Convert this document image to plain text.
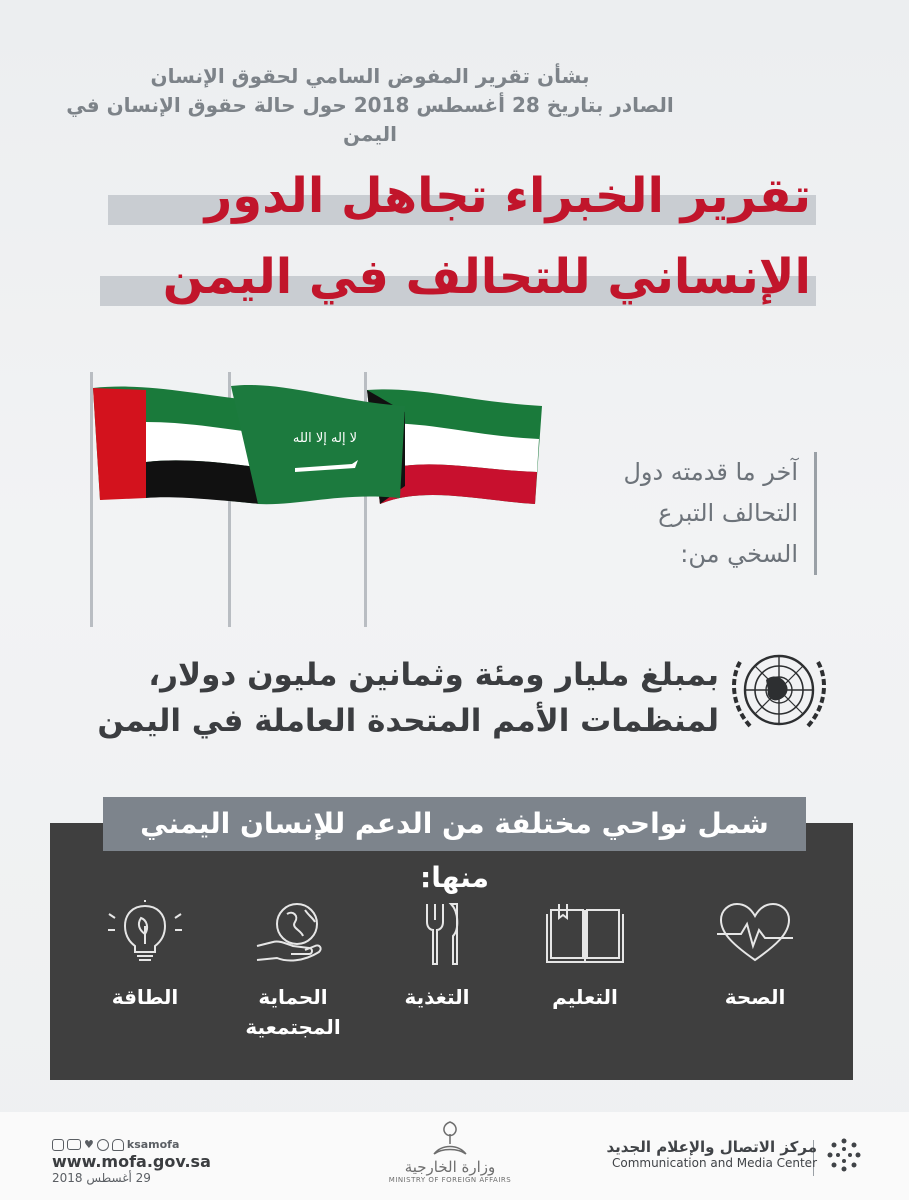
بشأن تقرير المفوض السامي لحقوق الإنسان
الصادر بتاريخ 28 أغسطس 2018 حول حالة حقوق الإنسان في اليمن
تقرير الخبراء تجاهل الدور
الإنساني للتحالف في اليمن
لا إله إلا الله
آخر ما قدمته دول
التحالف التبرع
السخي من:
بمبلغ مليار ومئة وثمانين مليون دولار،
لمنظمات الأمم المتحدة العاملة في اليمن
شمل نواحي مختلفة من الدعم للإنسان اليمني منها:
الصحة
التعليم
التغذية
الحماية المجتمعية
الطاقة
مركز الاتصال والإعلام الجديد
Communication and Media Center
وزارة الخارجية
MINISTRY OF FOREIGN AFFAIRS
♥	ksamofa
www.mofa.gov.sa
29 أغسطس 2018
